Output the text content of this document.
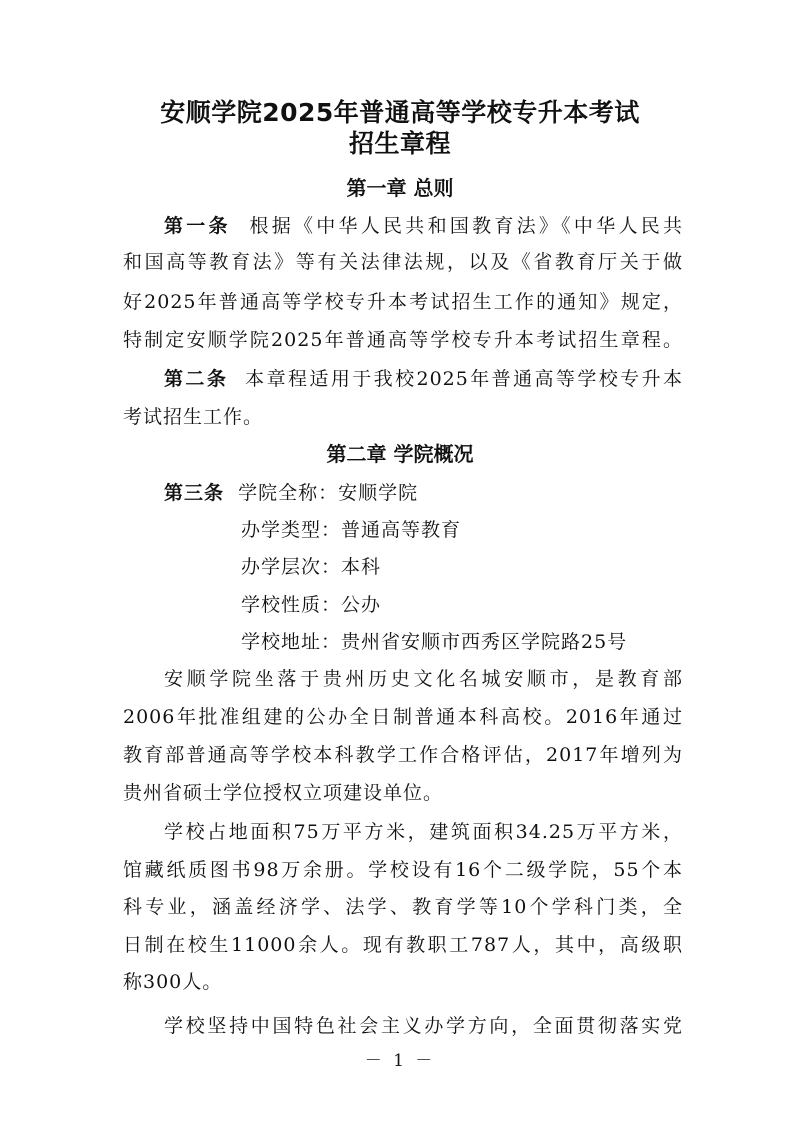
安顺学院2025年普通高等学校专升本考试
招生章程
第一章 总则
第一条 根据《中华人民共和国教育法》《中华人民共
和国高等教育法》等有关法律法规，以及《省教育厅关于做
好2025年普通高等学校专升本考试招生工作的通知》规定，
特制定安顺学院2025年普通高等学校专升本考试招生章程。
第二条 本章程适用于我校2025年普通高等学校专升本
考试招生工作。
第二章 学院概况
第三条 学院全称：安顺学院
办学类型：普通高等教育
办学层次：本科
学校性质：公办
学校地址：贵州省安顺市西秀区学院路25号
安顺学院坐落于贵州历史文化名城安顺市，是教育部
2006年批准组建的公办全日制普通本科高校。2016年通过
教育部普通高等学校本科教学工作合格评估，2017年增列为
贵州省硕士学位授权立项建设单位。
学校占地面积75万平方米，建筑面积34.25万平方米，
馆藏纸质图书98万余册。学校设有16个二级学院，55个本
科专业，涵盖经济学、法学、教育学等10个学科门类，全
日制在校生11000余人。现有教职工787人，其中，高级职
称300人。
学校坚持中国特色社会主义办学方向，全面贯彻落实党
－ 1 －
